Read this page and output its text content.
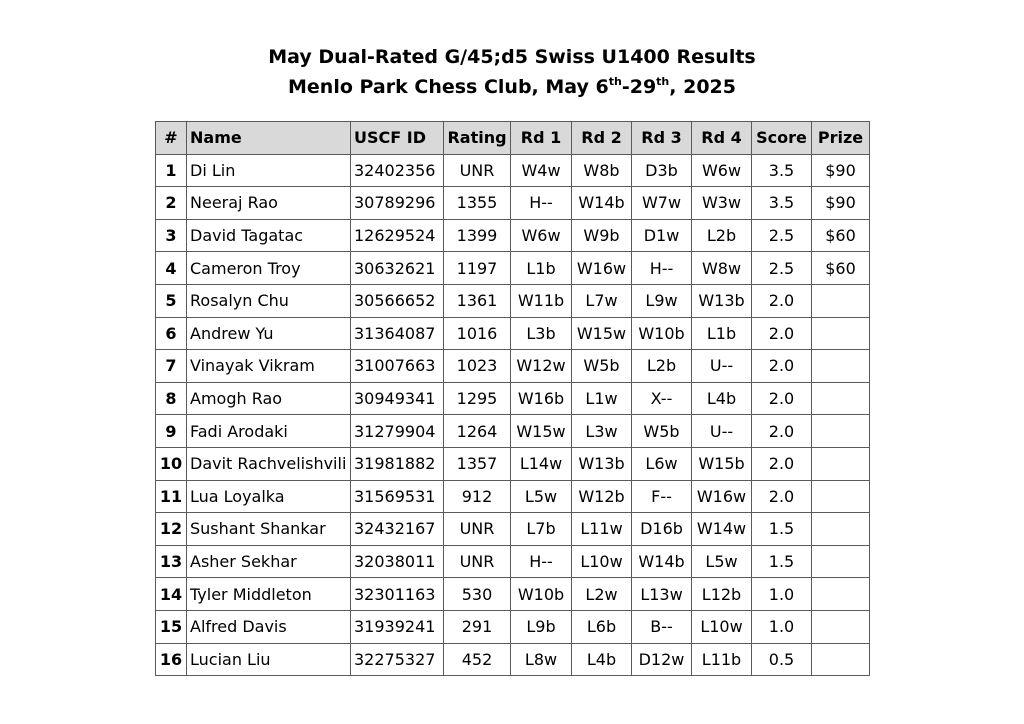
May Dual-Rated G/45;d5 Swiss U1400 Results
Menlo Park Chess Club, May 6th-29th, 2025
#	Name	USCF ID	Rating	Rd 1	Rd 2	Rd 3	Rd 4	Score	Prize
1	Di Lin	32402356	UNR	W4w	W8b	D3b	W6w	3.5	$90
2	Neeraj Rao	30789296	1355	H--	W14b	W7w	W3w	3.5	$90
3	David Tagatac	12629524	1399	W6w	W9b	D1w	L2b	2.5	$60
4	Cameron Troy	30632621	1197	L1b	W16w	H--	W8w	2.5	$60
5	Rosalyn Chu	30566652	1361	W11b	L7w	L9w	W13b	2.0	
6	Andrew Yu	31364087	1016	L3b	W15w	W10b	L1b	2.0	
7	Vinayak Vikram	31007663	1023	W12w	W5b	L2b	U--	2.0	
8	Amogh Rao	30949341	1295	W16b	L1w	X--	L4b	2.0	
9	Fadi Arodaki	31279904	1264	W15w	L3w	W5b	U--	2.0	
10	Davit Rachvelishvili	31981882	1357	L14w	W13b	L6w	W15b	2.0	
11	Lua Loyalka	31569531	912	L5w	W12b	F--	W16w	2.0	
12	Sushant Shankar	32432167	UNR	L7b	L11w	D16b	W14w	1.5	
13	Asher Sekhar	32038011	UNR	H--	L10w	W14b	L5w	1.5	
14	Tyler Middleton	32301163	530	W10b	L2w	L13w	L12b	1.0	
15	Alfred Davis	31939241	291	L9b	L6b	B--	L10w	1.0	
16	Lucian Liu	32275327	452	L8w	L4b	D12w	L11b	0.5	
